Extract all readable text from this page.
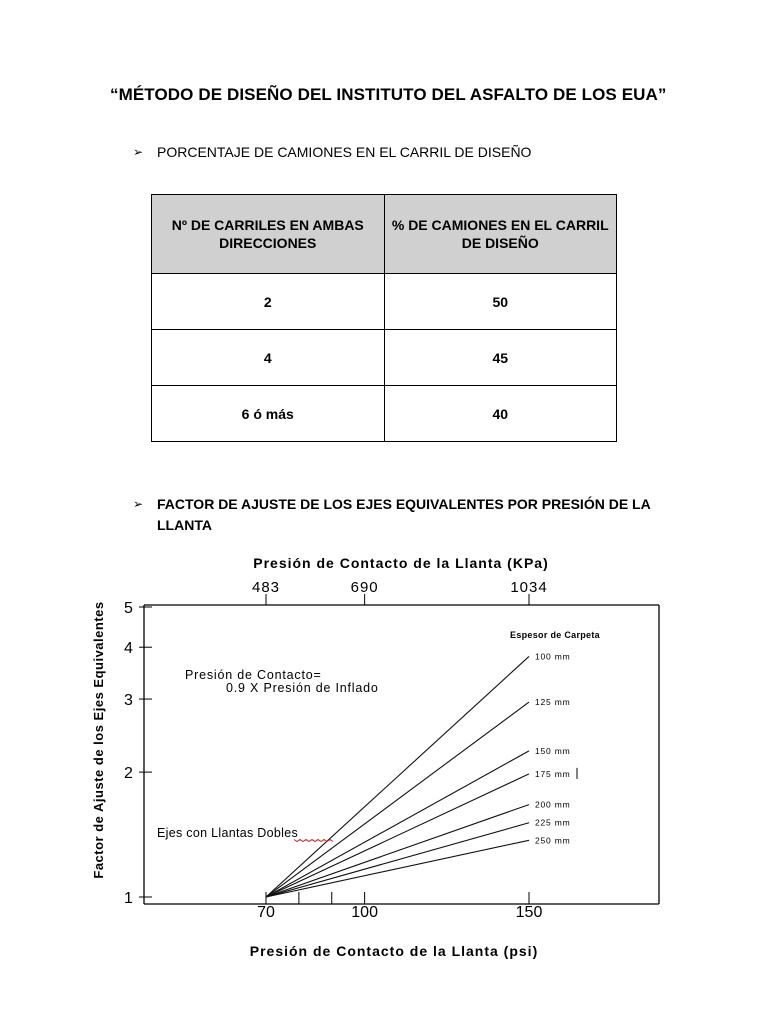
“MÉTODO DE DISEÑO DEL INSTITUTO DEL ASFALTO DE LOS EUA”
➢ PORCENTAJE DE CAMIONES EN EL CARRIL DE DISEÑO
Nº DE CARRILES EN AMBAS DIRECCIONES	% DE CAMIONES EN EL CARRIL DE DISEÑO
2	50
4	45
6 ó más	40
➢ FACTOR DE AJUSTE DE LOS EJES EQUIVALENTES POR PRESIÓN DE LA LLANTA
1
2
3
4
5
70	100	150
483	690	1034
100 mm
125 mm
150 mm
175 mm
200 mm
225 mm
250 mm
Presión de Contacto de la Llanta (KPa)
Presión de Contacto de la Llanta (psi)
Factor de Ajuste de los Ejes Equivalentes	Espesor de Carpeta
Presión de Contacto=
0.9 X Presión de Inflado
Ejes con Llantas Dobles
